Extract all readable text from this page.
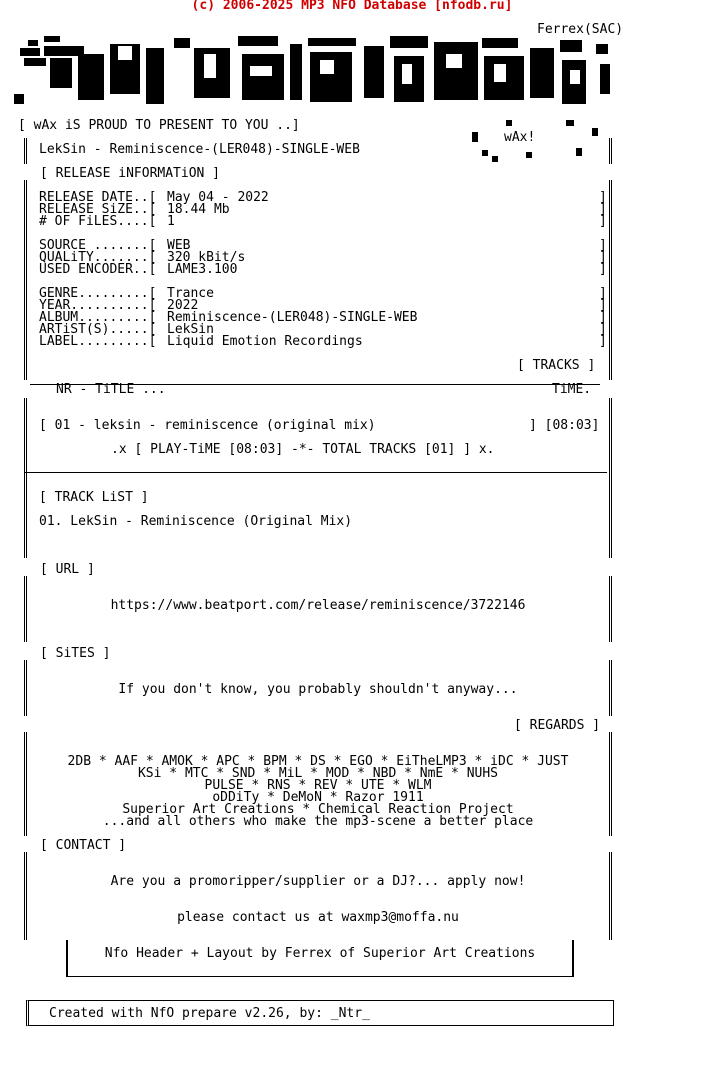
(c) 2006-2025 MP3 NFO Database [nfodb.ru]
Ferrex(SAC)
[ wAx iS PROUD TO PRESENT TO YOU ..]
wAx!
LekSin - Reminiscence-(LER048)-SINGLE-WEB
[ RELEASE iNFORMATiON ]
RELEASE DATE..[ May 04 - 2022	]
RELEASE SiZE..[ 18.44 Mb	]
# OF FiLES....[ 1	]
SOURCE .......[ WEB	]
QUALiTY.......[ 320 kBit/s	]
USED ENCODER..[ LAME3.100	]
GENRE.........[ Trance	]
YEAR..........[ 2022	]
ALBUM.........[ Reminiscence-(LER048)-SINGLE-WEB	]
ARTiST(S).....[ LekSin	]
LABEL.........[ Liquid Emotion Recordings	]
[ TRACKS ]
NR - TiTLE ...	TiME.
[ 01 - leksin - reminiscence (original mix)	] [08:03]
.x [ PLAY-TiME [08:03] -*- TOTAL TRACKS [01] ] x.
[ TRACK LiST ]
01. LekSin - Reminiscence (Original Mix)
[ URL ]
https://www.beatport.com/release/reminiscence/3722146
[ SiTES ]
If you don't know, you probably shouldn't anyway...
[ REGARDS ]
2DB * AAF * AMOK * APC * BPM * DS * EGO * EiTheLMP3 * iDC * JUST
KSi * MTC * SND * MiL * MOD * NBD * NmE * NUHS
PULSE * RNS * REV * UTE * WLM
oDDiTy * DeMoN * Razor 1911
Superior Art Creations * Chemical Reaction Project
...and all others who make the mp3-scene a better place
[ CONTACT ]
Are you a promoripper/supplier or a DJ?... apply now!
please contact us at waxmp3@moffa.nu
Nfo Header + Layout by Ferrex of Superior Art Creations
Created with NfO prepare v2.26, by: _Ntr_
